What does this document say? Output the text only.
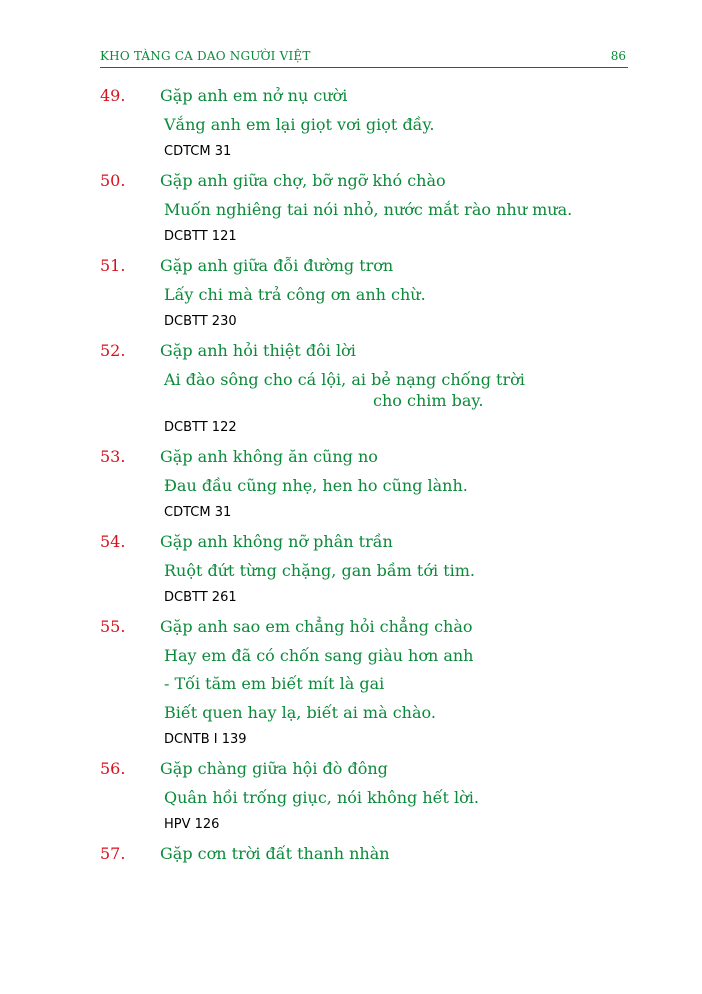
KHO TÀNG CA DAO NGƯỜI VIỆT	86
49. Gặp anh em nở nụ cười
Vắng anh em lại giọt vơi giọt đầy.
CDTCM 31
50. Gặp anh giữa chợ, bỡ ngỡ khó chào
Muốn nghiêng tai nói nhỏ, nước mắt rào như mưa.
DCBTT 121
51. Gặp anh giữa đỗi đường trơn
Lấy chi mà trả công ơn anh chừ.
DCBTT 230
52. Gặp anh hỏi thiệt đôi lời
Ai đào sông cho cá lội, ai bẻ nạng chống trời
cho chim bay.
DCBTT 122
53. Gặp anh không ăn cũng no
Đau đầu cũng nhẹ, hen ho cũng lành.
CDTCM 31
54. Gặp anh không nỡ phân trần
Ruột đứt từng chặng, gan bầm tới tim.
DCBTT 261
55. Gặp anh sao em chẳng hỏi chẳng chào
Hay em đã có chốn sang giàu hơn anh
- Tối tăm em biết mít là gai
Biết quen hay lạ, biết ai mà chào.
DCNTB I 139
56. Gặp chàng giữa hội đò đông
Quân hồi trống giục, nói không hết lời.
HPV 126
57. Gặp cơn trời đất thanh nhàn
